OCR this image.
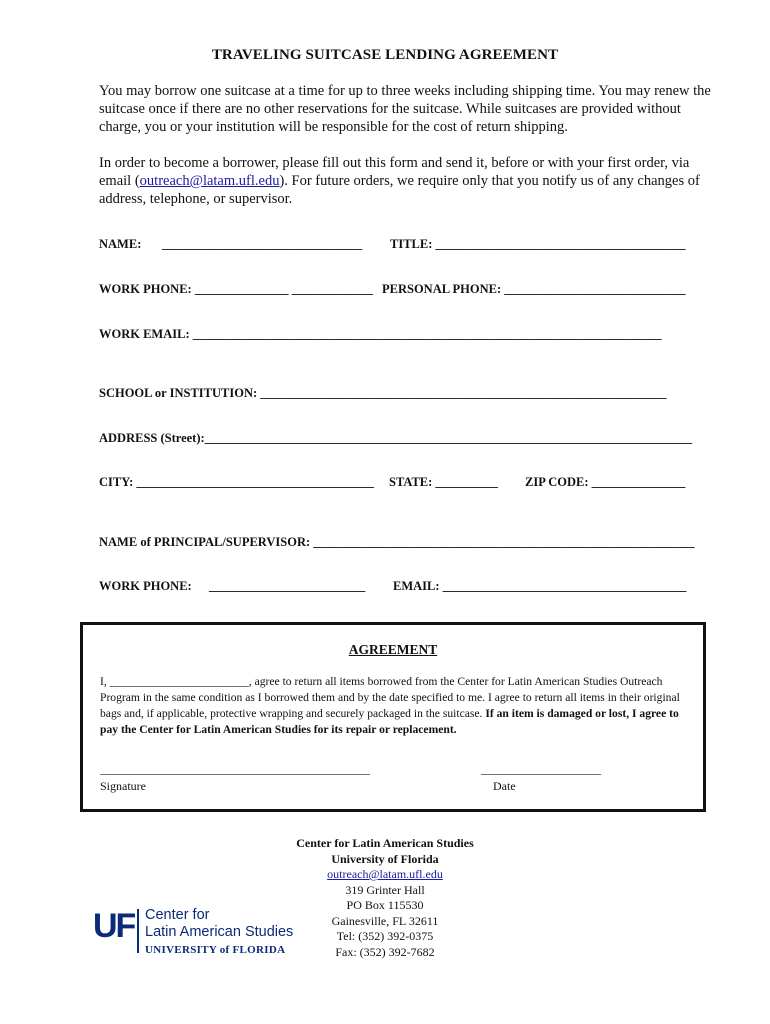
TRAVELING SUITCASE LENDING AGREEMENT
You may borrow one suitcase at a time for up to three weeks including shipping time. You may renew the suitcase once if there are no other reservations for the suitcase. While suitcases are provided without charge, you or your institution will be responsible for the cost of return shipping.
In order to become a borrower, please fill out this form and send it, before or with your first order, via email (outreach@latam.ufl.edu). For future orders, we require only that you notify us of any changes of address, telephone, or supervisor.
NAME: ________________________________ TITLE: ________________________________________
WORK PHONE: _______________ _____________ PERSONAL PHONE: _____________________________
WORK EMAIL: ___________________________________________________________________________
SCHOOL or INSTITUTION: _________________________________________________________________
ADDRESS (Street):______________________________________________________________________________
CITY: ______________________________________ STATE: __________ ZIP CODE: _______________
NAME of PRINCIPAL/SUPERVISOR: _____________________________________________________________
WORK PHONE: _________________________ EMAIL: _______________________________________
AGREEMENT
I, ________________________, agree to return all items borrowed from the Center for Latin American Studies Outreach Program in the same condition as I borrowed them and by the date specified to me. I agree to return all items in their original bags and, if applicable, protective wrapping and securely packaged in the suitcase. If an item is damaged or lost, I agree to pay the Center for Latin American Studies for its repair or replacement.
_____________________________________________	____________________
Signature	Date
Center for Latin American Studies
University of Florida
outreach@latam.ufl.edu
319 Grinter Hall
PO Box 115530
Gainesville, FL 32611
Tel: (352) 392-0375
Fax: (352) 392-7682
UF Center for
Latin American Studies
UNIVERSITY of FLORIDA
